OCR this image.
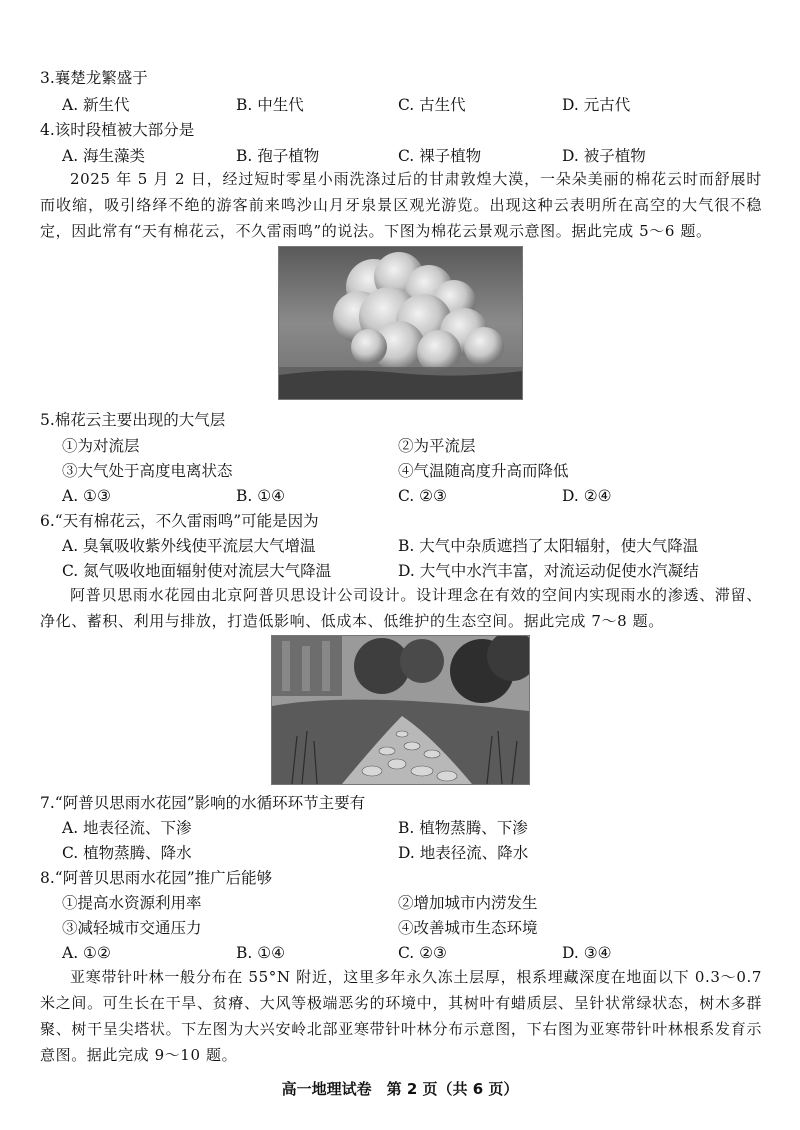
3.襄楚龙繁盛于
A. 新生代	B. 中生代	C. 古生代	D. 元古代
4.该时段植被大部分是
A. 海生藻类	B. 孢子植物	C. 裸子植物	D. 被子植物
2025 年 5 月 2 日，经过短时零星小雨洗涤过后的甘肃敦煌大漠，一朵朵美丽的棉花云时而舒展时而收缩，吸引络绎不绝的游客前来鸣沙山月牙泉景区观光游览。出现这种云表明所在高空的大气很不稳定，因此常有“天有棉花云，不久雷雨鸣”的说法。下图为棉花云景观示意图。据此完成 5～6 题。
5.棉花云主要出现的大气层
①为对流层	②为平流层
③大气处于高度电离状态	④气温随高度升高而降低
A. ①③	B. ①④	C. ②③	D. ②④
6.“天有棉花云，不久雷雨鸣”可能是因为
A. 臭氧吸收紫外线使平流层大气增温	B. 大气中杂质遮挡了太阳辐射，使大气降温
C. 氮气吸收地面辐射使对流层大气降温	D. 大气中水汽丰富，对流运动促使水汽凝结
阿普贝思雨水花园由北京阿普贝思设计公司设计。设计理念在有效的空间内实现雨水的渗透、滞留、净化、蓄积、利用与排放，打造低影响、低成本、低维护的生态空间。据此完成 7～8 题。
7.“阿普贝思雨水花园”影响的水循环环节主要有
A. 地表径流、下渗	B. 植物蒸腾、下渗
C. 植物蒸腾、降水	D. 地表径流、降水
8.“阿普贝思雨水花园”推广后能够
①提高水资源利用率	②增加城市内涝发生
③减轻城市交通压力	④改善城市生态环境
A. ①②	B. ①④	C. ②③	D. ③④
亚寒带针叶林一般分布在 55°N 附近，这里多年永久冻土层厚，根系埋藏深度在地面以下 0.3～0.7 米之间。可生长在干旱、贫瘠、大风等极端恶劣的环境中，其树叶有蜡质层、呈针状常绿状态，树木多群聚、树干呈尖塔状。下左图为大兴安岭北部亚寒带针叶林分布示意图，下右图为亚寒带针叶林根系发育示意图。据此完成 9～10 题。
高一地理试卷　第 2 页（共 6 页）
